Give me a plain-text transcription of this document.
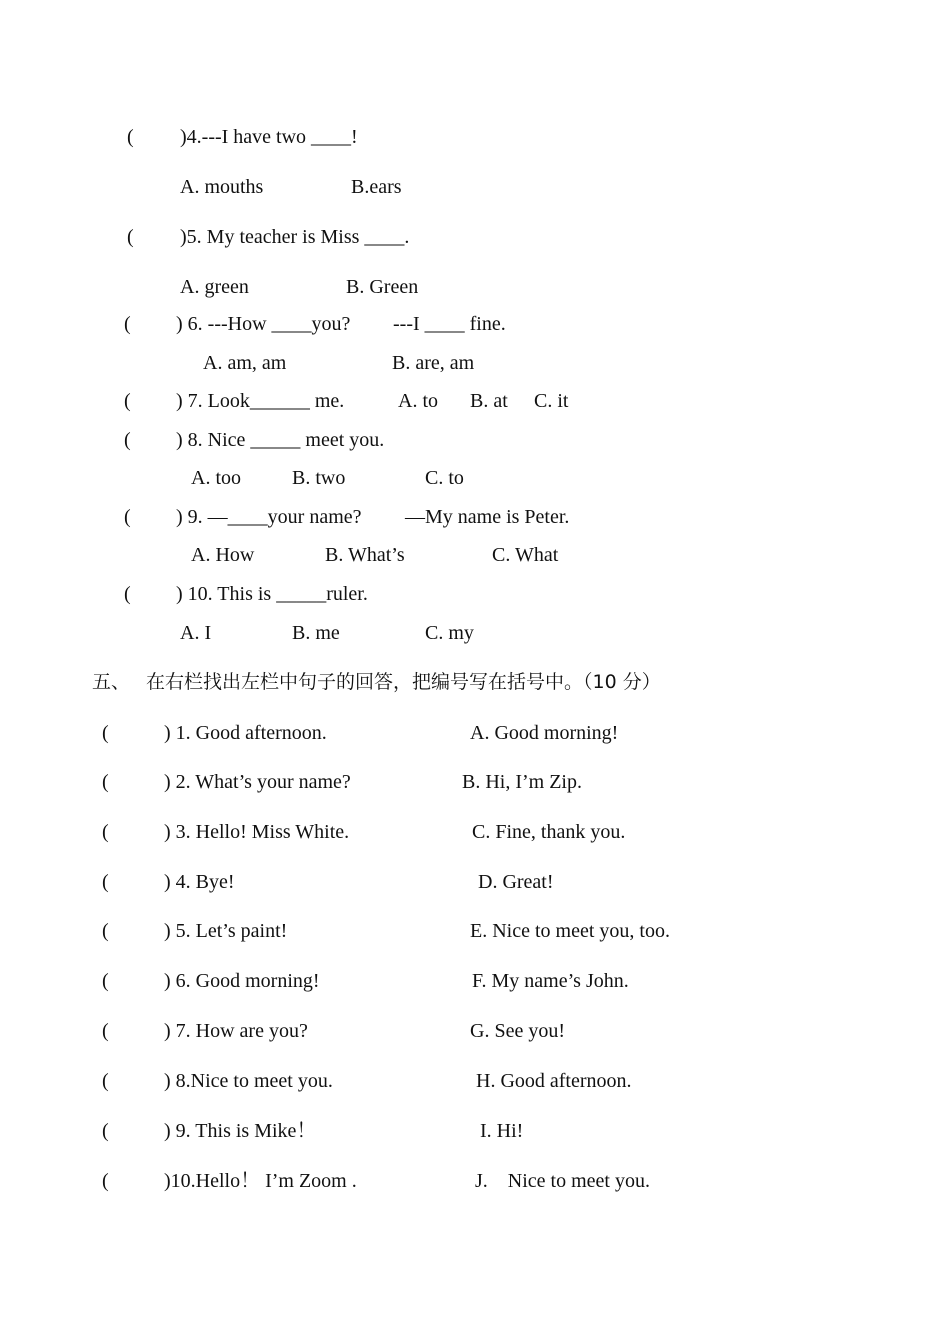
( )4.---I have two ____!
A. mouths	B.ears
( )5. My teacher is Miss ____.
A. green	B. Green
( ) 6. ---How ____you? ---I ____ fine.
A. am, am	B. are, am
( ) 7. Look______ me.	A. to B. at C. it
( ) 8. Nice _____ meet you.
A. too	B. two	C. to
( ) 9. —____your name? —My name is Peter.
A. How	B. What’s	C. What
( ) 10. This is _____ruler.
A. I	B. me	C. my
五、 在右栏找出左栏中句子的回答，把编号写在括号中。（10 分）
(	) 1. Good afternoon.	A. Good morning!
(	) 2. What’s your name?	B. Hi, I’m Zip.
(	) 3. Hello! Miss White.	C. Fine, thank you.
(	) 4. Bye!	D. Great!
(	) 5. Let’s paint!	E. Nice to meet you, too.
(	) 6. Good morning!	F. My name’s John.
(	) 7. How are you?	G. See you!
(	) 8.Nice to meet you.	H. Good afternoon.
(	) 9. This is Mike！	I. Hi!
(	)10.Hello！ I’m Zoom .	J.    Nice to meet you.
